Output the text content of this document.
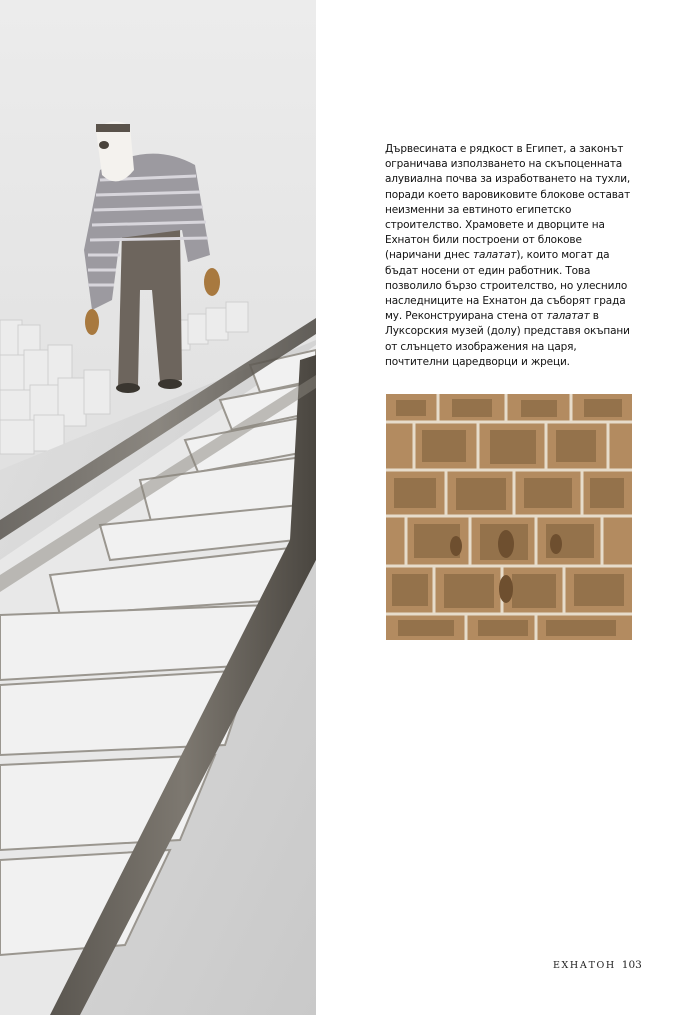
Дървесината е рядкост в Египет, а законът ограничава използването на скъпоценната алувиална почва за изработването на тухли, поради което варовиковите блокове остават неизменни за евтиното египетско строителство. Храмовете и дворците на Ехнатон били построени от блокове (наричани днес талатат), които могат да бъдат носени от един работник. Това позволило бързо строителство, но улеснило наследниците на Ехнатон да съборят града му. Реконструирана стена от талатат в Луксорския музей (долу) представя окъпани от слънцето изображения на царя, почтителни царедворци и жреци.
ЕХНАТОН 103
